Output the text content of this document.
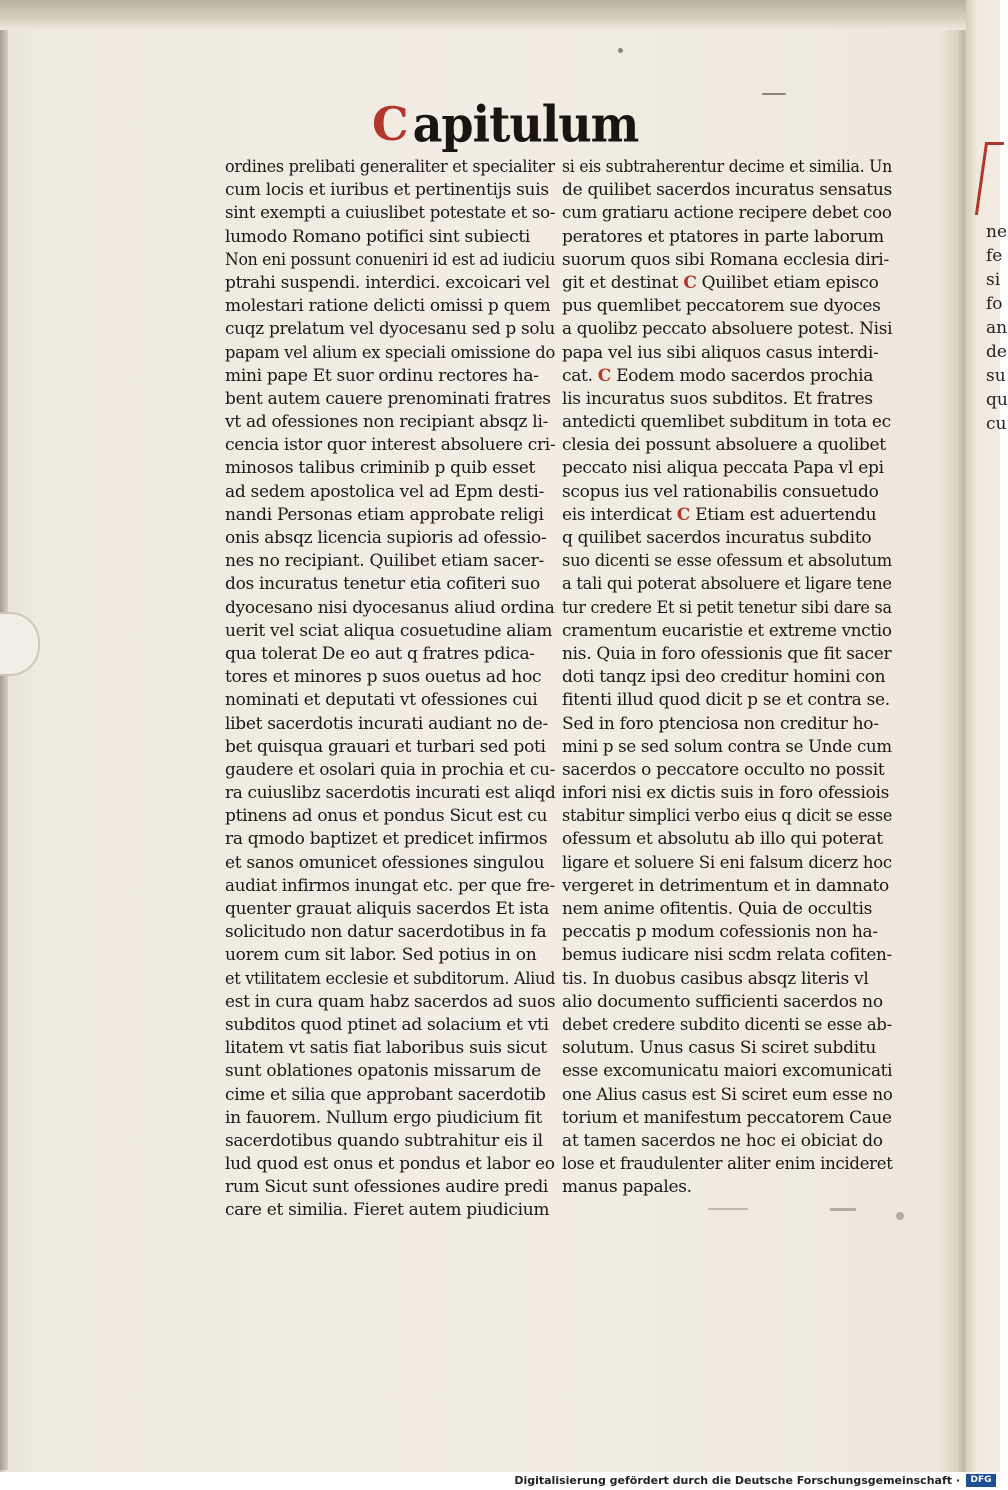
ne
fe
si
fo
an
de
su
qu
cu
C apitulum
ordines prelibati generaliter et specialiter
cum locis et iuribus et pertinentijs suis
sint exempti a cuiuslibet potestate et so-
lumodo Romano potifici sint subiecti
Non eni possunt conueniri id est ad iudiciu
ptrahi suspendi. interdici. excoicari vel
molestari ratione delicti omissi p quem
cuqz prelatum vel dyocesanu sed p solu
papam vel alium ex speciali omissione do
mini pape Et suor ordinu rectores ha-
bent autem cauere prenominati fratres
vt ad ofessiones non recipiant absqz li-
cencia istor quor interest absoluere cri-
minosos talibus criminib p quib esset
ad sedem apostolica vel ad Epm desti-
nandi Personas etiam approbate religi
onis absqz licencia supioris ad ofessio-
nes no recipiant. Quilibet etiam sacer-
dos incuratus tenetur etia cofiteri suo
dyocesano nisi dyocesanus aliud ordina
uerit vel sciat aliqua cosuetudine aliam
qua tolerat De eo aut q fratres pdica-
tores et minores p suos ouetus ad hoc
nominati et deputati vt ofessiones cui
libet sacerdotis incurati audiant no de-
bet quisqua grauari et turbari sed poti
gaudere et osolari quia in prochia et cu-
ra cuiuslibz sacerdotis incurati est aliqd
ptinens ad onus et pondus Sicut est cu
ra qmodo baptizet et predicet infirmos
et sanos omunicet ofessiones singulou
audiat infirmos inungat etc. per que fre-
quenter grauat aliquis sacerdos Et ista
solicitudo non datur sacerdotibus in fa
uorem cum sit labor. Sed potius in on
et vtilitatem ecclesie et subditorum. Aliud
est in cura quam habz sacerdos ad suos
subditos quod ptinet ad solacium et vti
litatem vt satis fiat laboribus suis sicut
sunt oblationes opatonis missarum de
cime et silia que approbant sacerdotib
in fauorem. Nullum ergo piudicium fit
sacerdotibus quando subtrahitur eis il
lud quod est onus et pondus et labor eo
rum Sicut sunt ofessiones audire predi
care et similia. Fieret autem piudicium
si eis subtraherentur decime et similia. Un
de quilibet sacerdos incuratus sensatus
cum gratiaru actione recipere debet coo
peratores et ptatores in parte laborum
suorum quos sibi Romana ecclesia diri-
git et destinat C Quilibet etiam episco
pus quemlibet peccatorem sue dyoces
a quolibz peccato absoluere potest. Nisi
papa vel ius sibi aliquos casus interdi-
cat. C Eodem modo sacerdos prochia
lis incuratus suos subditos. Et fratres
antedicti quemlibet subditum in tota ec
clesia dei possunt absoluere a quolibet
peccato nisi aliqua peccata Papa vl epi
scopus ius vel rationabilis consuetudo
eis interdicat C Etiam est aduertendu
q quilibet sacerdos incuratus subdito
suo dicenti se esse ofessum et absolutum
a tali qui poterat absoluere et ligare tene
tur credere Et si petit tenetur sibi dare sa
cramentum eucaristie et extreme vnctio
nis. Quia in foro ofessionis que fit sacer
doti tanqz ipsi deo creditur homini con
fitenti illud quod dicit p se et contra se.
Sed in foro ptenciosa non creditur ho-
mini p se sed solum contra se Unde cum
sacerdos o peccatore occulto no possit
infori nisi ex dictis suis in foro ofessiois
stabitur simplici verbo eius q dicit se esse
ofessum et absolutu ab illo qui poterat
ligare et soluere Si eni falsum dicerz hoc
vergeret in detrimentum et in damnato
nem anime ofitentis. Quia de occultis
peccatis p modum cofessionis non ha-
bemus iudicare nisi scdm relata cofiten-
tis. In duobus casibus absqz literis vl
alio documento sufficienti sacerdos no
debet credere subdito dicenti se esse ab-
solutum. Unus casus Si sciret subditu
esse excomunicatu maiori excomunicati
one Alius casus est Si sciret eum esse no
torium et manifestum peccatorem Caue
at tamen sacerdos ne hoc ei obiciat do
lose et fraudulenter aliter enim incideret
manus papales.
Digitalisierung gefördert durch die Deutsche Forschungsgemeinschaft ·	DFG
